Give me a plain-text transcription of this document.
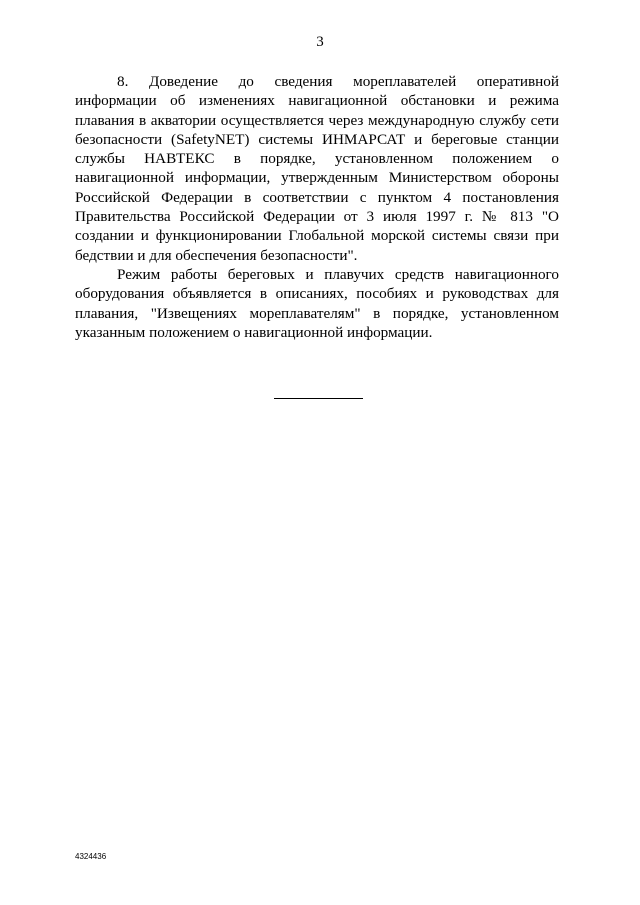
3

8. Доведение до сведения мореплавателей оперативной информации об изменениях навигационной обстановки и режима плавания в акватории осуществляется через международную службу сети безопасности (SafetyNET) системы ИНМАРСАТ и береговые станции службы НАВТЕКС в порядке, установленном положением о навигационной информации, утвержденным Министерством обороны Российской Федерации в соответствии с пунктом 4 постановления Правительства Российской Федерации от 3 июля 1997 г. № 813 "О создании и функционировании Глобальной морской системы связи при бедствии и для обеспечения безопасности".

Режим работы береговых и плавучих средств навигационного оборудования объявляется в описаниях, пособиях и руководствах для плавания, "Извещениях мореплавателям" в порядке, установленном указанным положением о навигационной информации.

4324436
